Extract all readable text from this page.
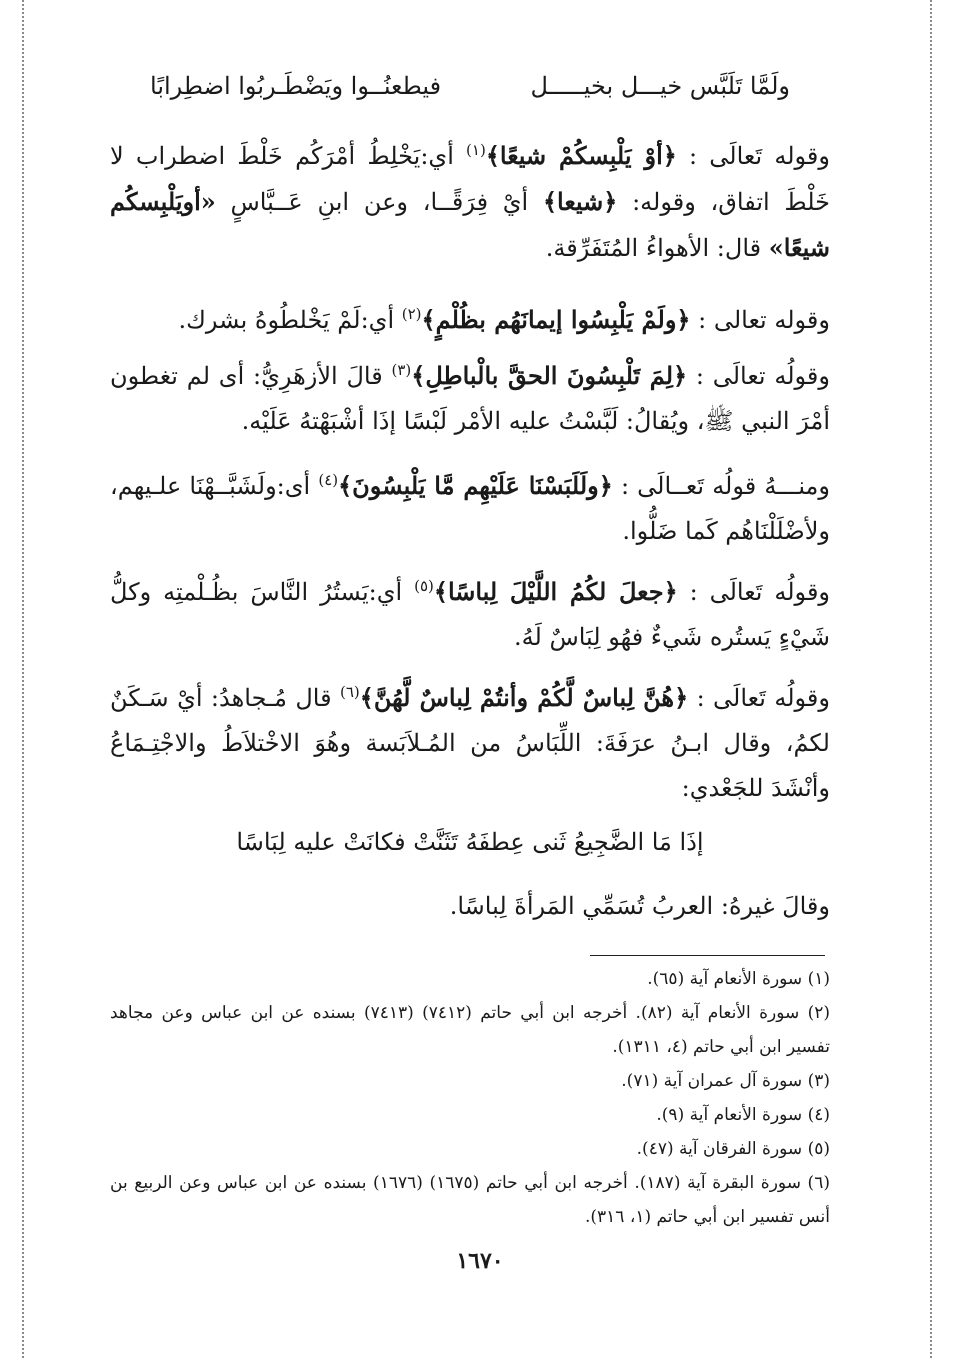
ولَمَّا تَلَبَّس خيـــل بخيـــــل
فيطعنُــوا ويَضْطَـربُوا اضطِرابًا

وقوله تَعالَى : ﴿أوْ يَلْبِسكُمْ شيعًا﴾$^{(١)}$ أي:يَخْلِطُ أمْرَكُم خَلْطَ اضطراب لا خَلْطَ اتفاق، وقوله: ﴿شيعا﴾ أيْ فِرَقًــا، وعن ابنِ عَــبَّاسٍ «أويَلْبِسكُم شيعًا» قال: الأهواءُ المُتَفَرِّقة.

وقوله تعالى : ﴿ولَمْ يَلْبِسُوا إيمانَهُم بظُلْمٍ﴾$^{(٢)}$ أي:لَمْ يَخْلطُوهُ بشرك.

وقولُه تعالَى : ﴿لِمَ تَلْبِسُونَ الحقَّ بالْباطِلِ﴾$^{(٣)}$ قالَ الأزهَرِيُّ: أى لم تغطون أمْرَ النبي ﷺ، ويُقالُ: لَبَّسْتُ عليه الأمْر لَبْسًا إذَا أشْبَهْتهُ عَلَيْه.

ومنـــهُ قولُه تَعــالَى : ﴿ولَلَبَسْنَا عَلَيْهِم مَّا يَلْبِسُونَ﴾$^{(٤)}$ أى:ولَشَبَّــهْنَا علـيهم، ولأضْلَلْنَاهُم كَما ضَلُّوا.

وقولُه تَعالَى : ﴿جعلَ لكُمُ اللَّيْلَ لِباسًا﴾$^{(٥)}$ أي:يَستُرُ النَّاسَ بظُـلْمتِه وكلُّ شَيْءٍ يَستُره شَيءٌ فهُو لِبَاسٌ لَهُ.

وقولُه تَعالَى : ﴿هُنَّ لِباسٌ لَّكُمْ وأنتُمْ لِباسٌ لَّهُنَّ﴾$^{(٦)}$ قال مُـجاهدُ: أيْ سَـكَنٌ لكمُ، وقال ابـنُ عرَفَةَ: اللِّبَاسُ من المُـلاَبَسة وهُوَ الاخْتلاَطُ والاجْتِـمَاعُ وأنْشَدَ للجَعْدي:

إذَا مَا الضَّجِيعُ ثَنى عِطفَهُ تَثَنَّتْ فكانَتْ عليه لِبَاسًا

وقالَ غيرهُ: العربُ تُسَمِّي المَرأةَ لِباسًا.

(١) سورة الأنعام آية (٦٥).

(٢) سورة الأنعام آية (٨٢). أخرجه ابن أبي حاتم (٧٤١٢) (٧٤١٣) بسنده عن ابن عباس وعن مجاهد تفسير ابن أبي حاتم (٤، ١٣١١).

(٣) سورة آل عمران آية (٧١).

(٤) سورة الأنعام آية (٩).

(٥) سورة الفرقان آية (٤٧).

(٦) سورة البقرة آية (١٨٧). أخرجه ابن أبي حاتم (١٦٧٥) (١٦٧٦) بسنده عن ابن عباس وعن الربيع بن أنس تفسير ابن أبي حاتم (١، ٣١٦).

١٦٧٠
